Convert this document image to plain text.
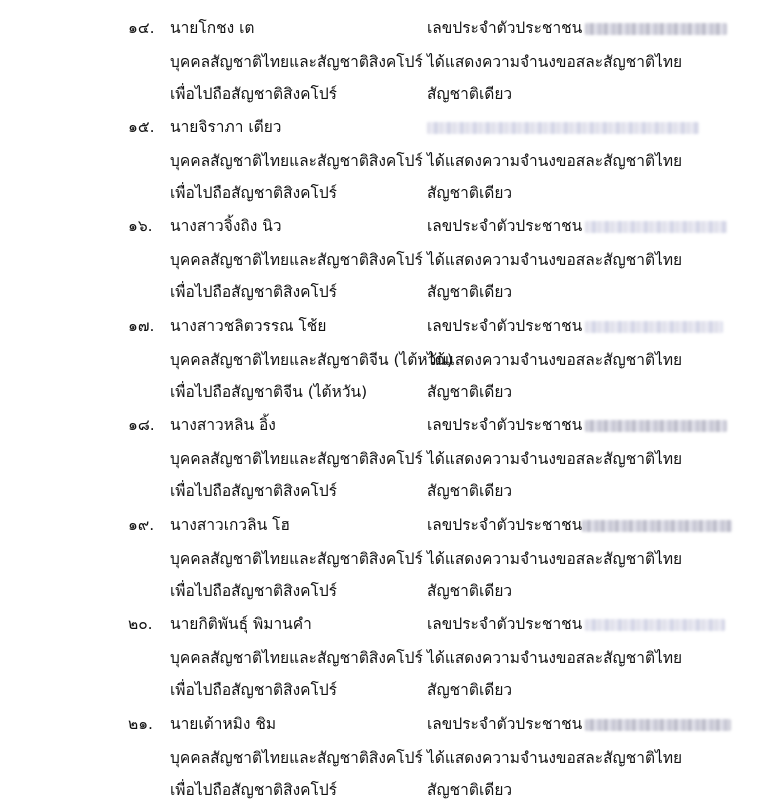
๑๔.	นายโกชง เต	เลขประจำตัวประชาชน
บุคคลสัญชาติไทยและสัญชาติสิงคโปร์ ได้แสดงความจำนงขอสละสัญชาติไทย
เพื่อไปถือสัญชาติสิงคโปร์	สัญชาติเดียว
๑๕.	นายจิราภา เตียว
บุคคลสัญชาติไทยและสัญชาติสิงคโปร์ ได้แสดงความจำนงขอสละสัญชาติไทย
เพื่อไปถือสัญชาติสิงคโปร์	สัญชาติเดียว
๑๖.	นางสาวจิ้งถิง นิว	เลขประจำตัวประชาชน
บุคคลสัญชาติไทยและสัญชาติสิงคโปร์ ได้แสดงความจำนงขอสละสัญชาติไทย
เพื่อไปถือสัญชาติสิงคโปร์	สัญชาติเดียว
๑๗.	นางสาวชลิตวรรณ โช้ย	เลขประจำตัวประชาชน
บุคคลสัญชาติไทยและสัญชาติจีน (ไต้หวัน)
ได้แสดงความจำนงขอสละสัญชาติไทย
เพื่อไปถือสัญชาติจีน (ไต้หวัน)	สัญชาติเดียว
๑๘. นางสาวหลิน อิ้ง	เลขประจำตัวประชาชน
บุคคลสัญชาติไทยและสัญชาติสิงคโปร์ ได้แสดงความจำนงขอสละสัญชาติไทย
เพื่อไปถือสัญชาติสิงคโปร์	สัญชาติเดียว
๑๙.	นางสาวเกวลิน โฮ	เลขประจำตัวประชาชน
บุคคลสัญชาติไทยและสัญชาติสิงคโปร์ ได้แสดงความจำนงขอสละสัญชาติไทย
เพื่อไปถือสัญชาติสิงคโปร์	สัญชาติเดียว
๒๐.	นายกิติพันธุ์ พิมานคำ	เลขประจำตัวประชาชน
บุคคลสัญชาติไทยและสัญชาติสิงคโปร์ ได้แสดงความจำนงขอสละสัญชาติไทย
เพื่อไปถือสัญชาติสิงคโปร์	สัญชาติเดียว
๒๑.	นายเต้าหมิง ชิม	เลขประจำตัวประชาชน
บุคคลสัญชาติไทยและสัญชาติสิงคโปร์ ได้แสดงความจำนงขอสละสัญชาติไทย
เพื่อไปถือสัญชาติสิงคโปร์	สัญชาติเดียว
